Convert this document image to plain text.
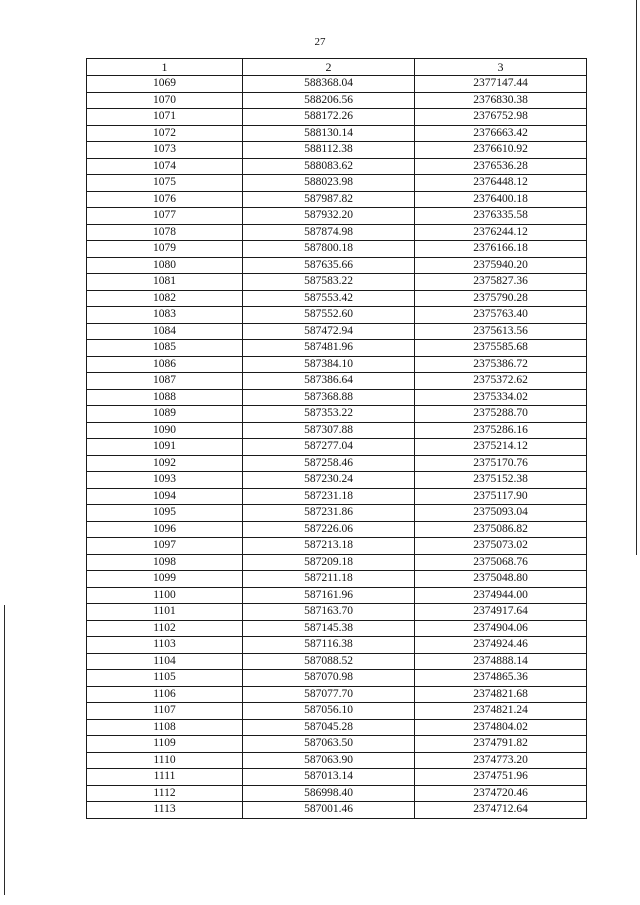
27
1	2	3
1069	588368.04	2377147.44
1070	588206.56	2376830.38
1071	588172.26	2376752.98
1072	588130.14	2376663.42
1073	588112.38	2376610.92
1074	588083.62	2376536.28
1075	588023.98	2376448.12
1076	587987.82	2376400.18
1077	587932.20	2376335.58
1078	587874.98	2376244.12
1079	587800.18	2376166.18
1080	587635.66	2375940.20
1081	587583.22	2375827.36
1082	587553.42	2375790.28
1083	587552.60	2375763.40
1084	587472.94	2375613.56
1085	587481.96	2375585.68
1086	587384.10	2375386.72
1087	587386.64	2375372.62
1088	587368.88	2375334.02
1089	587353.22	2375288.70
1090	587307.88	2375286.16
1091	587277.04	2375214.12
1092	587258.46	2375170.76
1093	587230.24	2375152.38
1094	587231.18	2375117.90
1095	587231.86	2375093.04
1096	587226.06	2375086.82
1097	587213.18	2375073.02
1098	587209.18	2375068.76
1099	587211.18	2375048.80
1100	587161.96	2374944.00
1101	587163.70	2374917.64
1102	587145.38	2374904.06
1103	587116.38	2374924.46
1104	587088.52	2374888.14
1105	587070.98	2374865.36
1106	587077.70	2374821.68
1107	587056.10	2374821.24
1108	587045.28	2374804.02
1109	587063.50	2374791.82
1110	587063.90	2374773.20
1111	587013.14	2374751.96
1112	586998.40	2374720.46
1113	587001.46	2374712.64
